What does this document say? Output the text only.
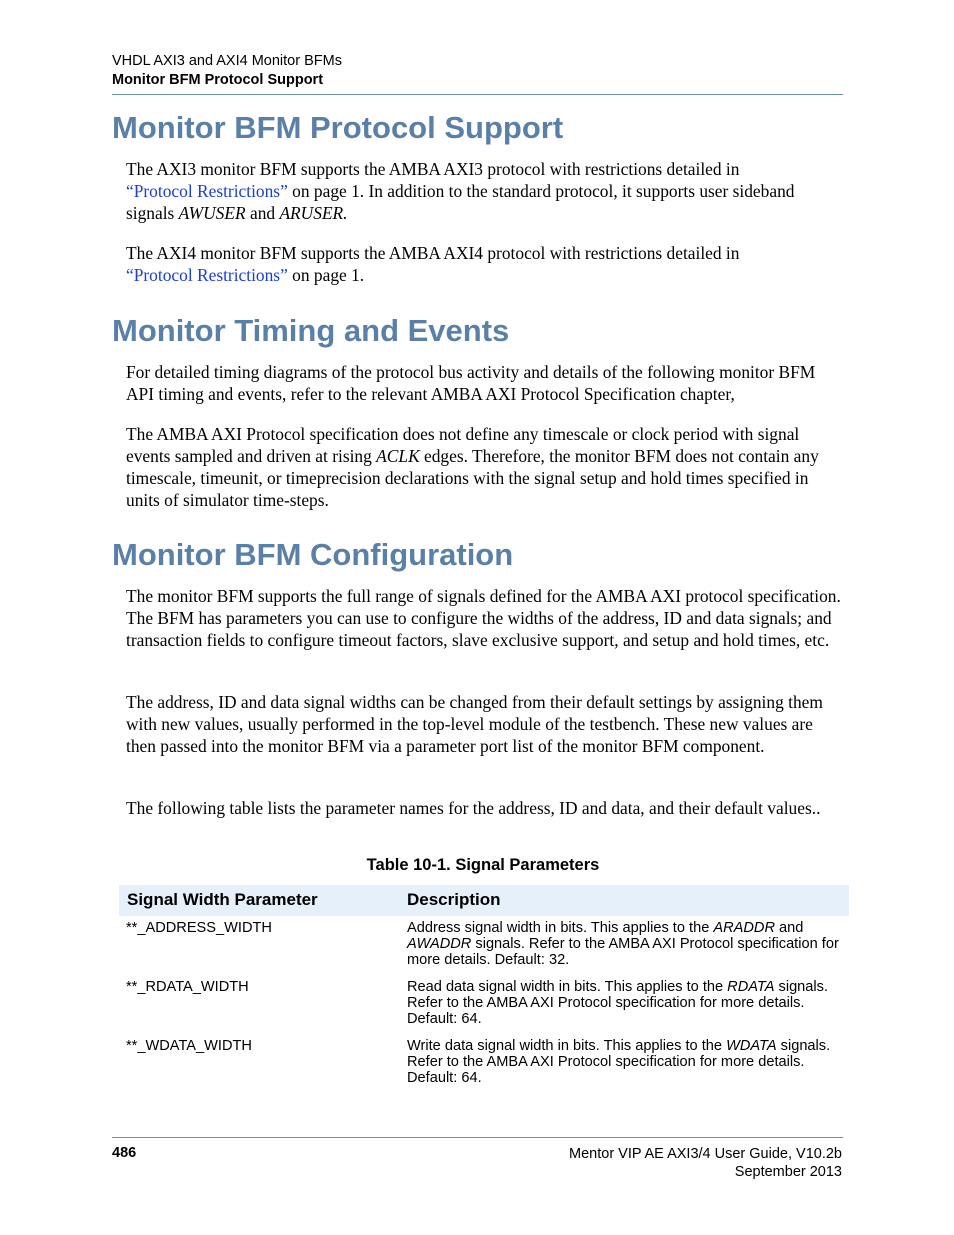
VHDL AXI3 and AXI4 Monitor BFMs
Monitor BFM Protocol Support
Monitor BFM Protocol Support

The AXI3 monitor BFM supports the AMBA AXI3 protocol with restrictions detailed in
“Protocol Restrictions” on page 1. In addition to the standard protocol, it supports user sideband signals AWUSER and ARUSER.

The AXI4 monitor BFM supports the AMBA AXI4 protocol with restrictions detailed in
“Protocol Restrictions” on page 1.

Monitor Timing and Events

For detailed timing diagrams of the protocol bus activity and details of the following monitor BFM API timing and events, refer to the relevant AMBA AXI Protocol Specification chapter,

The AMBA AXI Protocol specification does not define any timescale or clock period with signal events sampled and driven at rising ACLK edges. Therefore, the monitor BFM does not contain any timescale, timeunit, or timeprecision declarations with the signal setup and hold times specified in units of simulator time-steps.

Monitor BFM Configuration

The monitor BFM supports the full range of signals defined for the AMBA AXI protocol specification. The BFM has parameters you can use to configure the widths of the address, ID and data signals; and transaction fields to configure timeout factors, slave exclusive support, and setup and hold times, etc.

The address, ID and data signal widths can be changed from their default settings by assigning them with new values, usually performed in the top-level module of the testbench. These new values are then passed into the monitor BFM via a parameter port list of the monitor BFM component.

The following table lists the parameter names for the address, ID and data, and their default values..

Table 10-1. Signal Parameters
Signal Width Parameter	Description
**_ADDRESS_WIDTH	Address signal width in bits. This applies to the ARADDR and AWADDR signals. Refer to the AMBA AXI Protocol specification for more details. Default: 32.
**_RDATA_WIDTH	Read data signal width in bits. This applies to the RDATA signals. Refer to the AMBA AXI Protocol specification for more details. Default: 64.
**_WDATA_WIDTH	Write data signal width in bits. This applies to the WDATA signals. Refer to the AMBA AXI Protocol specification for more details. Default: 64.
486	Mentor VIP AE AXI3/4 User Guide, V10.2b
September 2013
